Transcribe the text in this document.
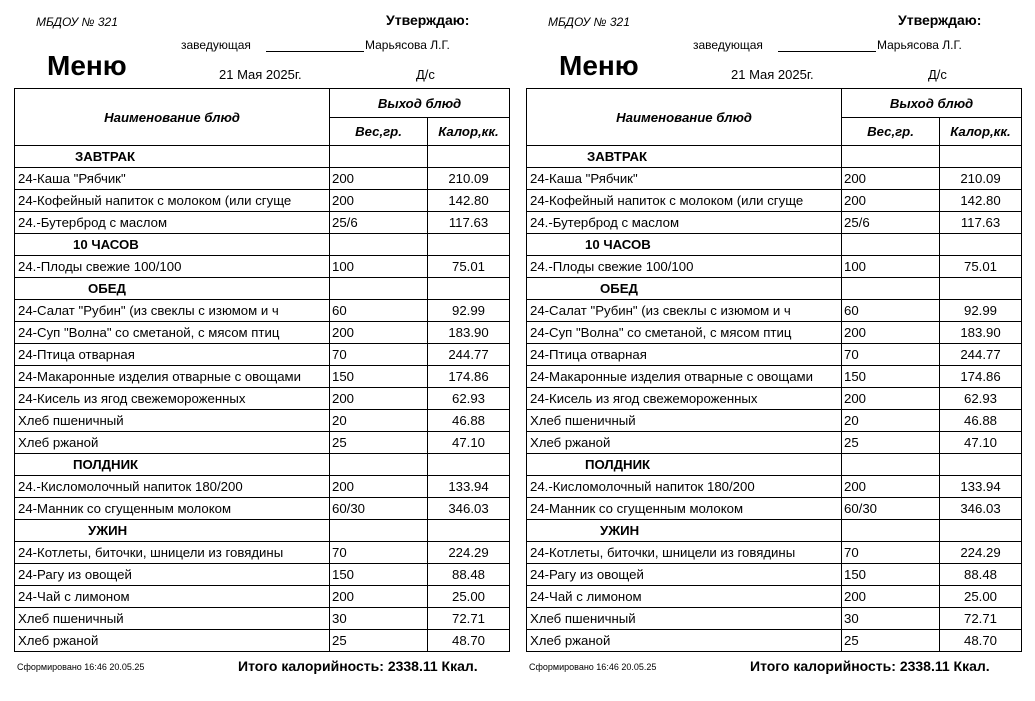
МБДОУ № 321	Утверждаю:
заведующая	Марьясова Л.Г.
Меню	21 Мая 2025г.	Д/с
Наименование блюд	Выход блюд	
	Вес,гр.	Калор,кк.
ЗАВТРАК		
24-Каша "Рябчик"	200	210.09
24-Кофейный напиток с молоком (или сгуще	200	142.80
24.-Бутерброд с маслом	25/6	117.63
10 ЧАСОВ		
24.-Плоды свежие 100/100	100	75.01
ОБЕД		
24-Салат "Рубин" (из свеклы с изюмом и ч	60	92.99
24-Суп "Волна" со сметаной, с мясом птиц	200	183.90
24-Птица отварная	70	244.77
24-Макаронные изделия отварные с овощами	150	174.86
24-Кисель из ягод свежемороженных	200	62.93
Хлеб пшеничный	20	46.88
Хлеб ржаной	25	47.10
ПОЛДНИК		
24.-Кисломолочный напиток 180/200	200	133.94
24-Манник со сгущенным молоком	60/30	346.03
УЖИН		
24-Котлеты, биточки, шницели из говядины	70	224.29
24-Рагу из овощей	150	88.48
24-Чай с лимоном	200	25.00
Хлеб пшеничный	30	72.71
Хлеб ржаной	25	48.70
Сформировано 16:46 20.05.25	Итого калорийность: 2338.11 Ккал.
МБДОУ № 321	Утверждаю:
заведующая	Марьясова Л.Г.
Меню	21 Мая 2025г.	Д/с
Наименование блюд	Выход блюд	
	Вес,гр.	Калор,кк.
ЗАВТРАК		
24-Каша "Рябчик"	200	210.09
24-Кофейный напиток с молоком (или сгуще	200	142.80
24.-Бутерброд с маслом	25/6	117.63
10 ЧАСОВ		
24.-Плоды свежие 100/100	100	75.01
ОБЕД		
24-Салат "Рубин" (из свеклы с изюмом и ч	60	92.99
24-Суп "Волна" со сметаной, с мясом птиц	200	183.90
24-Птица отварная	70	244.77
24-Макаронные изделия отварные с овощами	150	174.86
24-Кисель из ягод свежемороженных	200	62.93
Хлеб пшеничный	20	46.88
Хлеб ржаной	25	47.10
ПОЛДНИК		
24.-Кисломолочный напиток 180/200	200	133.94
24-Манник со сгущенным молоком	60/30	346.03
УЖИН		
24-Котлеты, биточки, шницели из говядины	70	224.29
24-Рагу из овощей	150	88.48
24-Чай с лимоном	200	25.00
Хлеб пшеничный	30	72.71
Хлеб ржаной	25	48.70
Сформировано 16:46 20.05.25	Итого калорийность: 2338.11 Ккал.
